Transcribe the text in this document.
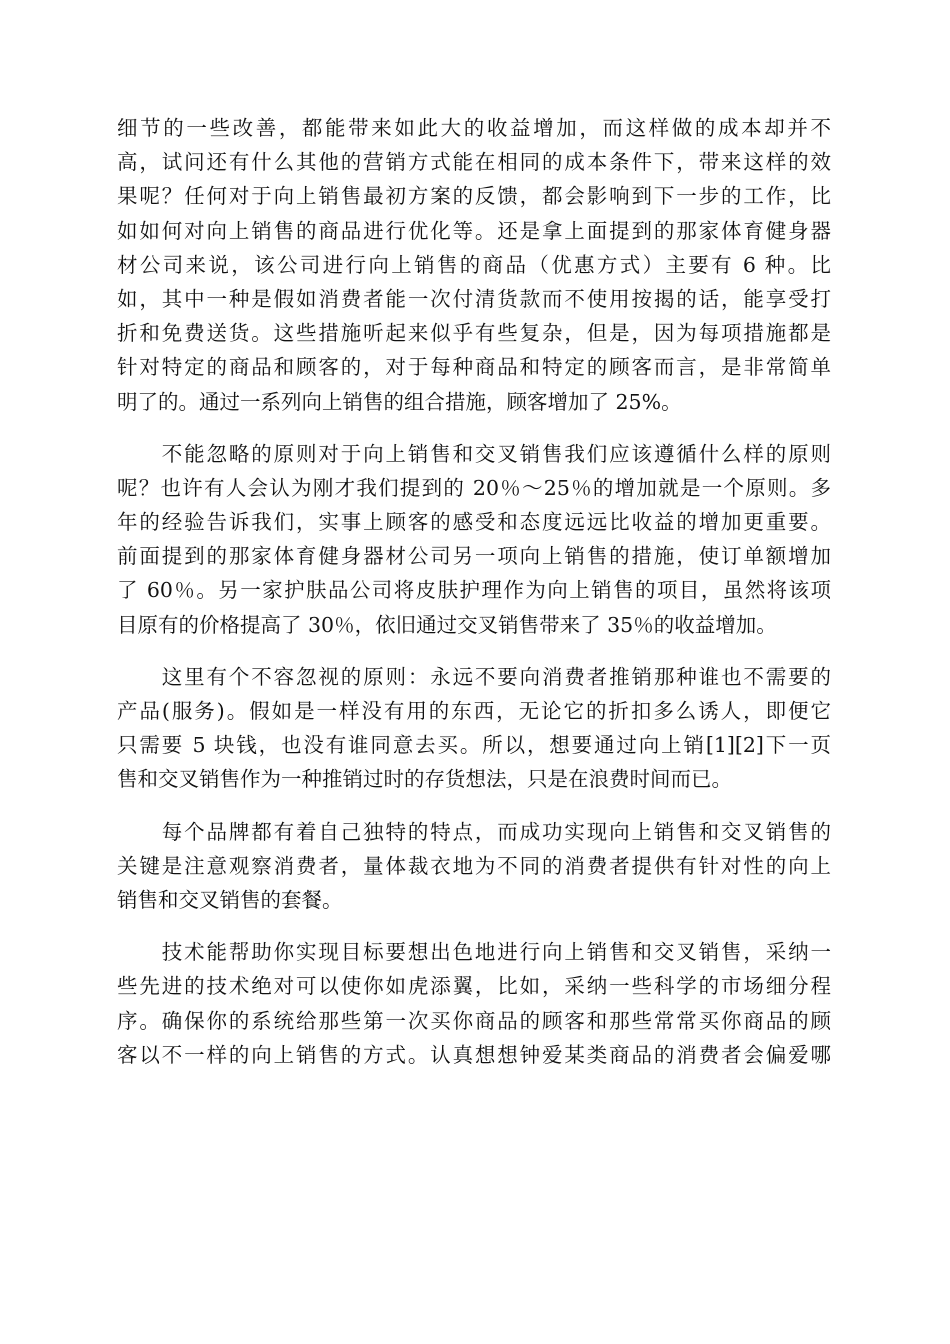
细节的一些改善，都能带来如此大的收益增加，而这样做的成本却并不
高，试问还有什么其他的营销方式能在相同的成本条件下，带来这样的效
果呢？任何对于向上销售最初方案的反馈，都会影响到下一步的工作，比
如如何对向上销售的商品进行优化等。还是拿上面提到的那家体育健身器
材公司来说，该公司进行向上销售的商品（优惠方式）主要有 6 种。比
如，其中一种是假如消费者能一次付清货款而不使用按揭的话，能享受打
折和免费送货。这些措施听起来似乎有些复杂，但是，因为每项措施都是
针对特定的商品和顾客的，对于每种商品和特定的顾客而言，是非常简单
明了的。通过一系列向上销售的组合措施，顾客增加了 25%。
　　不能忽略的原则对于向上销售和交叉销售我们应该遵循什么样的原则
呢？也许有人会认为刚才我们提到的 20％～25％的增加就是一个原则。多
年的经验告诉我们，实事上顾客的感受和态度远远比收益的增加更重要。
前面提到的那家体育健身器材公司另一项向上销售的措施，使订单额增加
了 60％。另一家护肤品公司将皮肤护理作为向上销售的项目，虽然将该项
目原有的价格提高了 30％，依旧通过交叉销售带来了 35％的收益增加。
　　这里有个不容忽视的原则：永远不要向消费者推销那种谁也不需要的
产品(服务)。假如是一样没有用的东西，无论它的折扣多么诱人，即便它
只需要 5 块钱，也没有谁同意去买。所以，想要通过向上销[1][2]下一页
售和交叉销售作为一种推销过时的存货想法，只是在浪费时间而已。
　　每个品牌都有着自己独特的特点，而成功实现向上销售和交叉销售的
关键是注意观察消费者，量体裁衣地为不同的消费者提供有针对性的向上
销售和交叉销售的套餐。
　　技术能帮助你实现目标要想出色地进行向上销售和交叉销售，采纳一
些先进的技术绝对可以使你如虎添翼，比如，采纳一些科学的市场细分程
序。确保你的系统给那些第一次买你商品的顾客和那些常常买你商品的顾
客以不一样的向上销售的方式。认真想想钟爱某类商品的消费者会偏爱哪
